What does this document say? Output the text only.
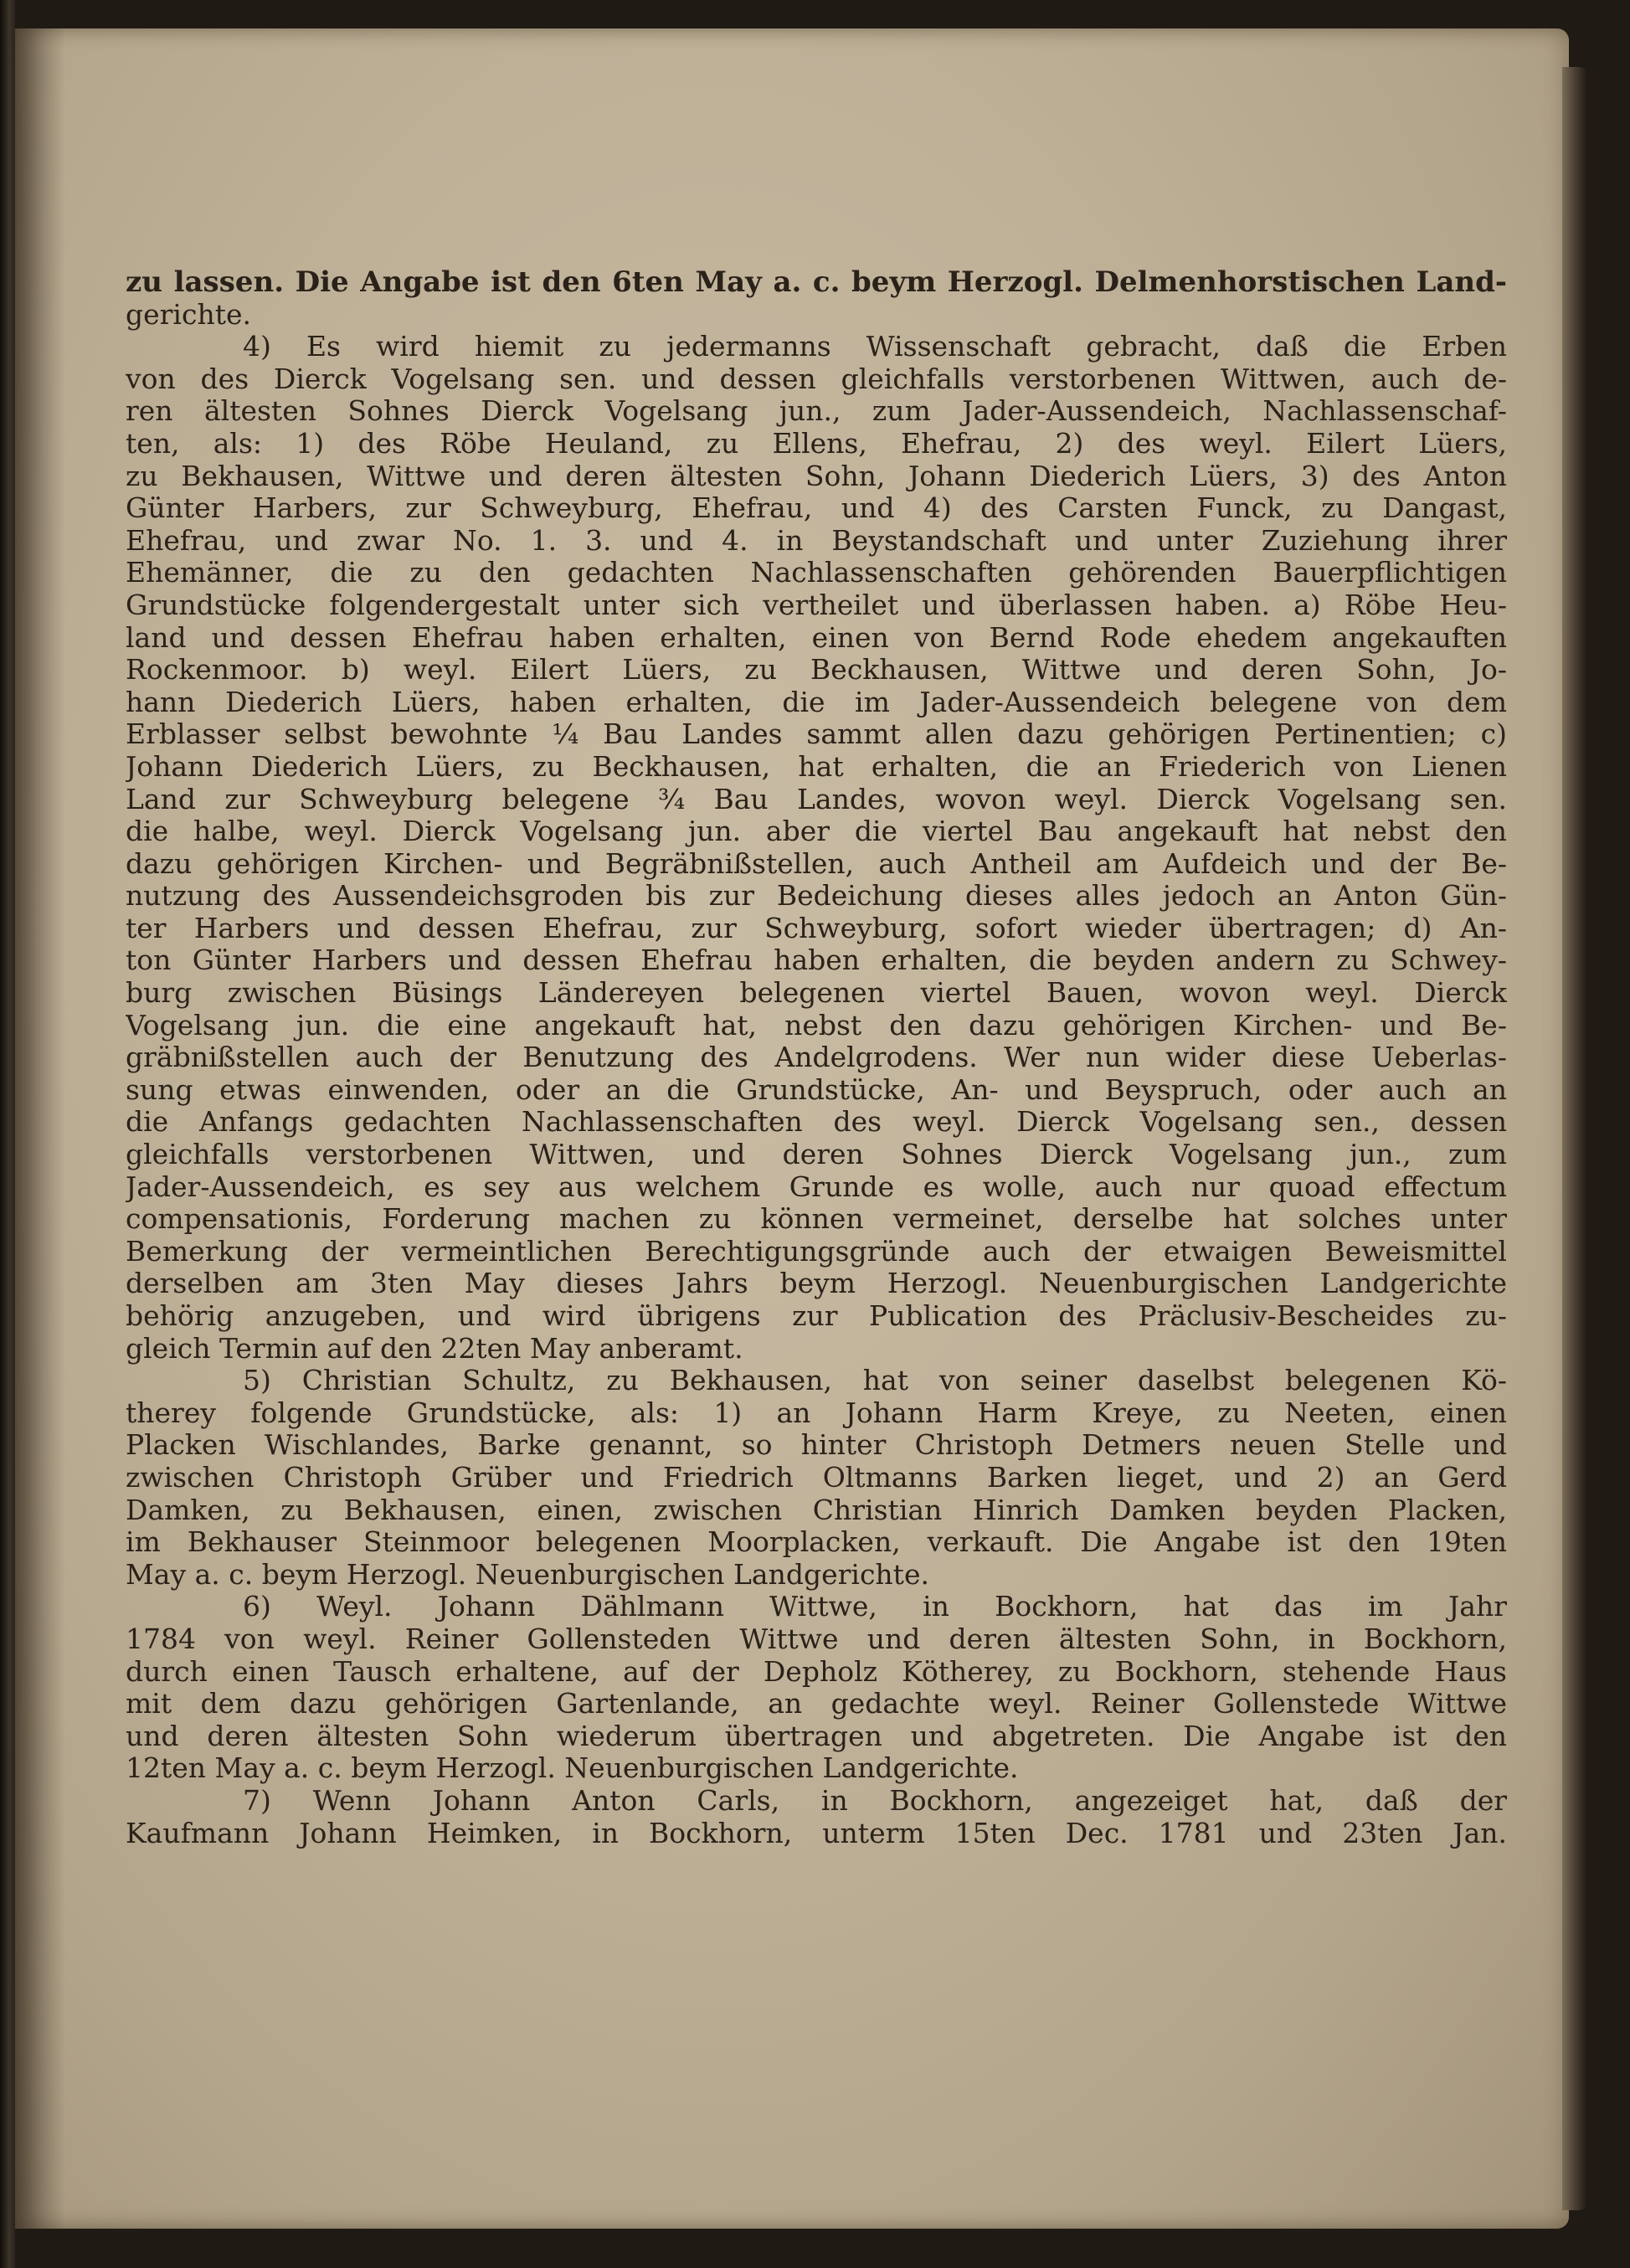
zu lassen. Die Angabe ist den 6ten May a. c. beym Herzogl. Delmenhorstischen Land-
gerichte.
4) Es wird hiemit zu jedermanns Wissenschaft gebracht, daß die Erben
von des Dierck Vogelsang sen. und dessen gleichfalls verstorbenen Wittwen, auch de-
ren ältesten Sohnes Dierck Vogelsang jun., zum Jader-Aussendeich, Nachlassenschaf-
ten, als: 1) des Röbe Heuland, zu Ellens, Ehefrau, 2) des weyl. Eilert Lüers,
zu Bekhausen, Wittwe und deren ältesten Sohn, Johann Diederich Lüers, 3) des Anton
Günter Harbers, zur Schweyburg, Ehefrau, und 4) des Carsten Funck, zu Dangast,
Ehefrau, und zwar No. 1. 3. und 4. in Beystandschaft und unter Zuziehung ihrer
Ehemänner, die zu den gedachten Nachlassenschaften gehörenden Bauerpflichtigen
Grundstücke folgendergestalt unter sich vertheilet und überlassen haben. a) Röbe Heu-
land und dessen Ehefrau haben erhalten, einen von Bernd Rode ehedem angekauften
Rockenmoor. b) weyl. Eilert Lüers, zu Beckhausen, Wittwe und deren Sohn, Jo-
hann Diederich Lüers, haben erhalten, die im Jader-Aussendeich belegene von dem
Erblasser selbst bewohnte ¼ Bau Landes sammt allen dazu gehörigen Pertinentien; c)
Johann Diederich Lüers, zu Beckhausen, hat erhalten, die an Friederich von Lienen
Land zur Schweyburg belegene ¾ Bau Landes, wovon weyl. Dierck Vogelsang sen.
die halbe, weyl. Dierck Vogelsang jun. aber die viertel Bau angekauft hat nebst den
dazu gehörigen Kirchen- und Begräbnißstellen, auch Antheil am Aufdeich und der Be-
nutzung des Aussendeichsgroden bis zur Bedeichung dieses alles jedoch an Anton Gün-
ter Harbers und dessen Ehefrau, zur Schweyburg, sofort wieder übertragen; d) An-
ton Günter Harbers und dessen Ehefrau haben erhalten, die beyden andern zu Schwey-
burg zwischen Büsings Ländereyen belegenen viertel Bauen, wovon weyl. Dierck
Vogelsang jun. die eine angekauft hat, nebst den dazu gehörigen Kirchen- und Be-
gräbnißstellen auch der Benutzung des Andelgrodens. Wer nun wider diese Ueberlas-
sung etwas einwenden, oder an die Grundstücke, An- und Beyspruch, oder auch an
die Anfangs gedachten Nachlassenschaften des weyl. Dierck Vogelsang sen., dessen
gleichfalls verstorbenen Wittwen, und deren Sohnes Dierck Vogelsang jun., zum
Jader-Aussendeich, es sey aus welchem Grunde es wolle, auch nur quoad effectum
compensationis, Forderung machen zu können vermeinet, derselbe hat solches unter
Bemerkung der vermeintlichen Berechtigungsgründe auch der etwaigen Beweismittel
derselben am 3ten May dieses Jahrs beym Herzogl. Neuenburgischen Landgerichte
behörig anzugeben, und wird übrigens zur Publication des Präclusiv-Bescheides zu-
gleich Termin auf den 22ten May anberamt.
5) Christian Schultz, zu Bekhausen, hat von seiner daselbst belegenen Kö-
therey folgende Grundstücke, als: 1) an Johann Harm Kreye, zu Neeten, einen
Placken Wischlandes, Barke genannt, so hinter Christoph Detmers neuen Stelle und
zwischen Christoph Grüber und Friedrich Oltmanns Barken lieget, und 2) an Gerd
Damken, zu Bekhausen, einen, zwischen Christian Hinrich Damken beyden Placken,
im Bekhauser Steinmoor belegenen Moorplacken, verkauft. Die Angabe ist den 19ten
May a. c. beym Herzogl. Neuenburgischen Landgerichte.
6) Weyl. Johann Dählmann Wittwe, in Bockhorn, hat das im Jahr
1784 von weyl. Reiner Gollensteden Wittwe und deren ältesten Sohn, in Bockhorn,
durch einen Tausch erhaltene, auf der Depholz Kötherey, zu Bockhorn, stehende Haus
mit dem dazu gehörigen Gartenlande, an gedachte weyl. Reiner Gollenstede Wittwe
und deren ältesten Sohn wiederum übertragen und abgetreten. Die Angabe ist den
12ten May a. c. beym Herzogl. Neuenburgischen Landgerichte.
7) Wenn Johann Anton Carls, in Bockhorn, angezeiget hat, daß der
Kaufmann Johann Heimken, in Bockhorn, unterm 15ten Dec. 1781 und 23ten Jan.
